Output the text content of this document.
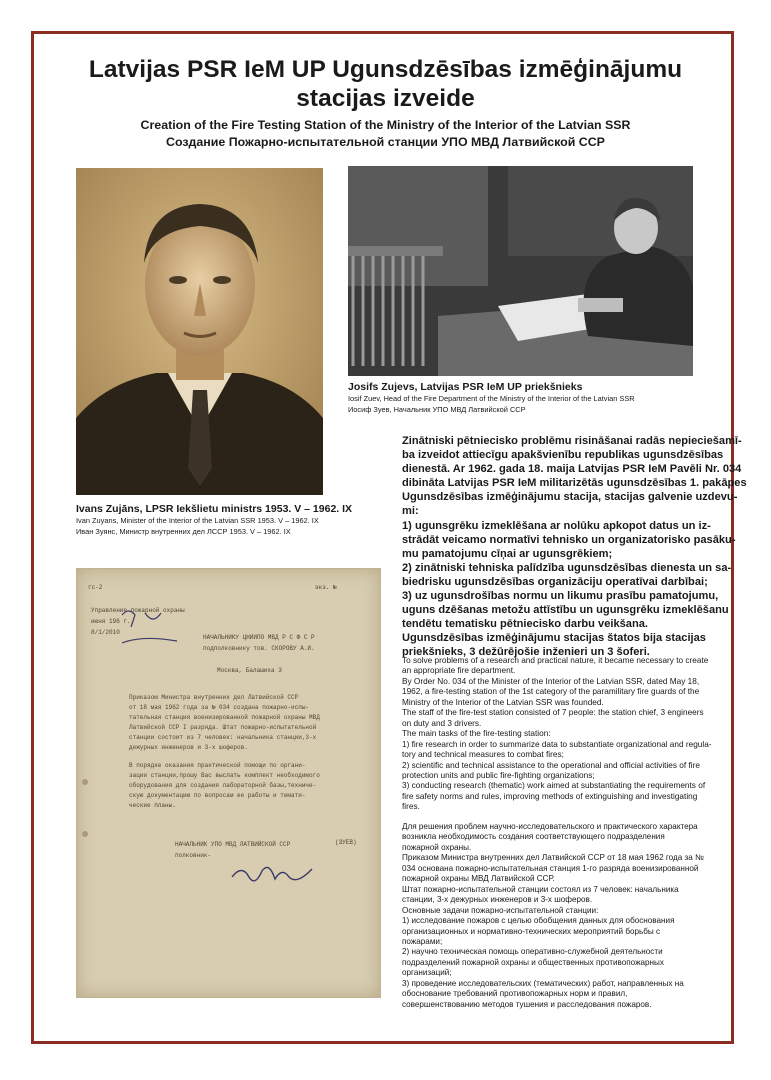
Latvijas PSR IeM UP Ugunsdzēsības izmēģinājumu
stacijas izveide
Creation of the Fire Testing Station of the Ministry of the Interior of the Latvian SSR
Создание Пожарно-испытательной станции УПО МВД Латвийской ССР
Ivans Zujāns, LPSR Iekšlietu ministrs 1953. V – 1962. IX
Ivan Zuyans, Minister of the Interior of the Latvian SSR 1953. V – 1962. IX
Иван Зуянс, Министр внутренних дел ЛССР 1953. V – 1962. IX
Josifs Zujevs, Latvijas PSR IeM UP priekšnieks
Iosif Zuev, Head of the Fire Department of the Ministry of the Interior of the Latvian SSR
Иосиф Зуев, Начальник УПО МВД Латвийской ССР
гс-2	экз. №
Управление пожарной охраны
июня 196 г.
8/1/2010
НАЧАЛЬНИКУ ЦНИИПО МВД Р С Ф С Р
подполковнику тов. СКОРОВУ А.И.
Москва, Балашиха 3
Приказом Министра внутренних дел Латвийской ССР
от 18 мая 1962 года за № 034 создана пожарно-испы-
тательная станция военизированной пожарной охраны МВД
Латвийской ССР I разряда. Штат пожарно-испытательной
станции состоит из 7 человек: начальника станции,3-х
дежурных инженеров и 3-х шоферов.
В порядке оказания практической помощи по органи-
зации станции,прошу Вас выслать комплект необходимого
оборудования для создания лабораторной базы,техниче-
скую документацию по вопросам ее работы и темати-
ческие планы.
НАЧАЛЬНИК УПО МВД ЛАТВИЙСКОЙ ССР
полковник-
(ЗУЕВ)
Zinātniski pētniecisko problēmu risināšanai radās nepieciešamī-
ba izveidot attiecīgu apakšvienību republikas ugunsdzēsības
dienestā. Ar 1962. gada 18. maija Latvijas PSR IeM Pavēli Nr. 034
dibināta Latvijas PSR IeM militarizētās ugunsdzēsības 1. pakāpes
Ugunsdzēsības izmēģinājumu stacija, stacijas galvenie uzdevu-
mi:
1) ugunsgrēku izmeklēšana ar nolūku apkopot datus un iz-
strādāt veicamo normatīvi tehnisko un organizatorisko pasāku-
mu pamatojumu cīņai ar ugunsgrēkiem;
2) zinātniski tehniska palīdzība ugunsdzēsības dienesta un sa-
biedrisku ugunsdzēsības organizāciju operatīvai darbībai;
3) uz ugunsdrošības normu un likumu prasību pamatojumu,
uguns dzēšanas metožu attīstību un ugunsgrēku izmeklēšanu
tendētu tematisku pētniecisko darbu veikšana.
Ugunsdzēsības izmēģinājumu stacijas štatos bija stacijas
priekšnieks, 3 dežūrējošie inženieri un 3 šoferi.
To solve problems of a research and practical nature, it became necessary to create
an appropriate fire department.
By Order No. 034 of the Minister of the Interior of the Latvian SSR, dated May 18,
1962, a fire-testing station of the 1st category of the paramilitary fire guards of the
Ministry of the Interior of the Latvian SSR was founded.
The staff of the fire-test station consisted of 7 people: the station chief, 3 engineers
on duty and 3 drivers.
The main tasks of the fire-testing station:
1) fire research in order to summarize data to substantiate organizational and regula-
tory and technical measures to combat fires;
2) scientific and technical assistance to the operational and official activities of fire
protection units and public fire-fighting organizations;
3) conducting research (thematic) work aimed at substantiating the requirements of
fire safety norms and rules, improving methods of extinguishing and investigating
fires.
Для решения проблем научно-исследовательского и практического характера
возникла необходимость создания соответствующего подразделения
пожарной охраны.
Приказом Министра внутренних дел Латвийской ССР от 18 мая 1962 года за №
034 основана пожарно-испытательная станция 1-го разряда военизированной
пожарной охраны МВД Латвийской ССР.
Штат пожарно-испытательной станции состоял из 7 человек: начальника
станции, 3-х дежурных инженеров и 3-х шоферов.
Основные задачи пожарно-испытательной станции:
1) исследование пожаров с целью обобщения данных для обоснования
организационных и нормативно-технических мероприятий борьбы с
пожарами;
2) научно техническая помощь оперативно-служебной деятельности
подразделений пожарной охраны и общественных противопожарных
организаций;
3) проведение исследовательских (тематических) работ, направленных на
обоснование требований противопожарных норм и правил,
совершенствованию методов тушения и расследования пожаров.
